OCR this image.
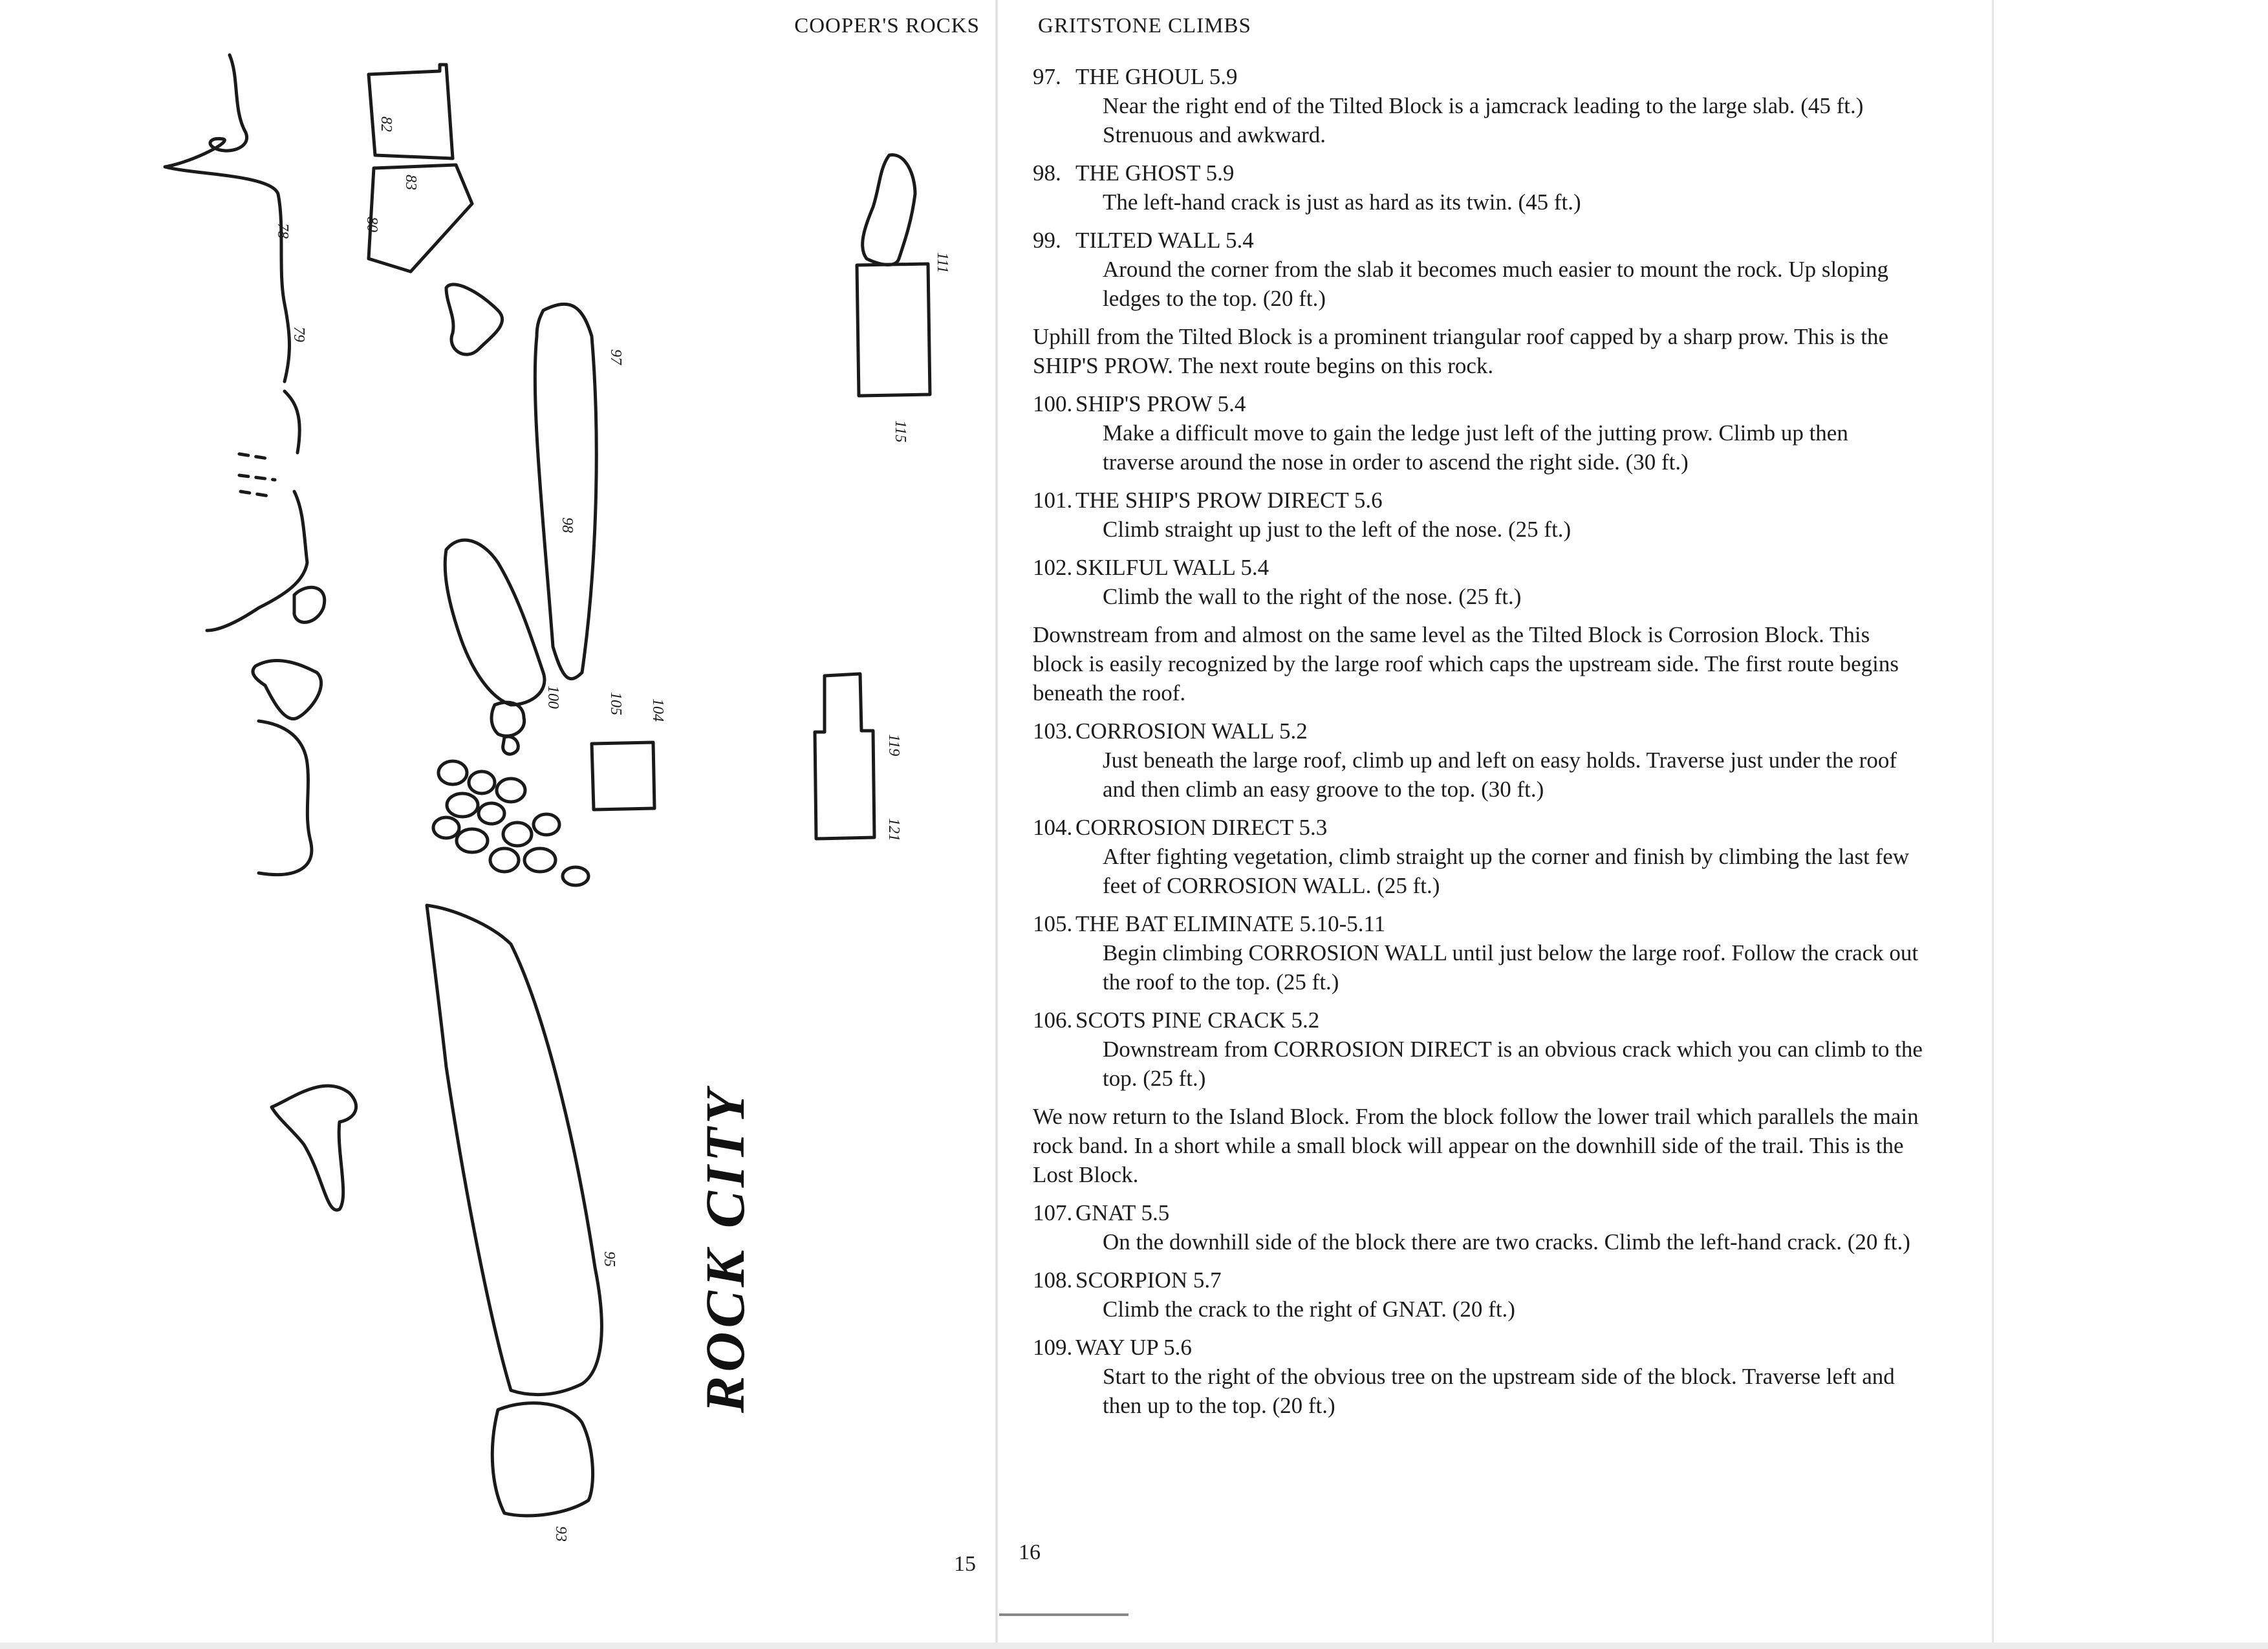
COOPER'S ROCKS
78
79
80
82
83
93
95
97
98
100
104
105
111
115
119
121
ROCK CITY
15
GRITSTONE CLIMBS
97. THE GHOUL 5.9
Near the right end of the Tilted Block is a jamcrack leading to the large slab. (45 ft.)
Strenuous and awkward.
98. THE GHOST 5.9
The left-hand crack is just as hard as its twin. (45 ft.)
99. TILTED WALL 5.4
Around the corner from the slab it becomes much easier to mount the rock. Up sloping ledges to the top. (20 ft.)
Uphill from the Tilted Block is a prominent triangular roof capped by a sharp prow. This is the SHIP'S PROW. The next route begins on this rock.
100. SHIP'S PROW 5.4
Make a difficult move to gain the ledge just left of the jutting prow. Climb up then traverse around the nose in order to ascend the right side. (30 ft.)
101. THE SHIP'S PROW DIRECT 5.6
Climb straight up just to the left of the nose. (25 ft.)
102. SKILFUL WALL 5.4
Climb the wall to the right of the nose. (25 ft.)
Downstream from and almost on the same level as the Tilted Block is Corrosion Block. This block is easily recognized by the large roof which caps the upstream side. The first route begins beneath the roof.
103. CORROSION WALL 5.2
Just beneath the large roof, climb up and left on easy holds. Traverse just under the roof and then climb an easy groove to the top. (30 ft.)
104. CORROSION DIRECT 5.3
After fighting vegetation, climb straight up the corner and finish by climbing the last few feet of CORROSION WALL. (25 ft.)
105. THE BAT ELIMINATE 5.10-5.11
Begin climbing CORROSION WALL until just below the large roof. Follow the crack out the roof to the top. (25 ft.)
106. SCOTS PINE CRACK 5.2
Downstream from CORROSION DIRECT is an obvious crack which you can climb to the top. (25 ft.)
We now return to the Island Block. From the block follow the lower trail which parallels the main rock band. In a short while a small block will appear on the downhill side of the trail. This is the Lost Block.
107. GNAT 5.5
On the downhill side of the block there are two cracks. Climb the left-hand crack. (20 ft.)
108. SCORPION 5.7
Climb the crack to the right of GNAT. (20 ft.)
109. WAY UP 5.6
Start to the right of the obvious tree on the upstream side of the block. Traverse left and then up to the top. (20 ft.)
16
